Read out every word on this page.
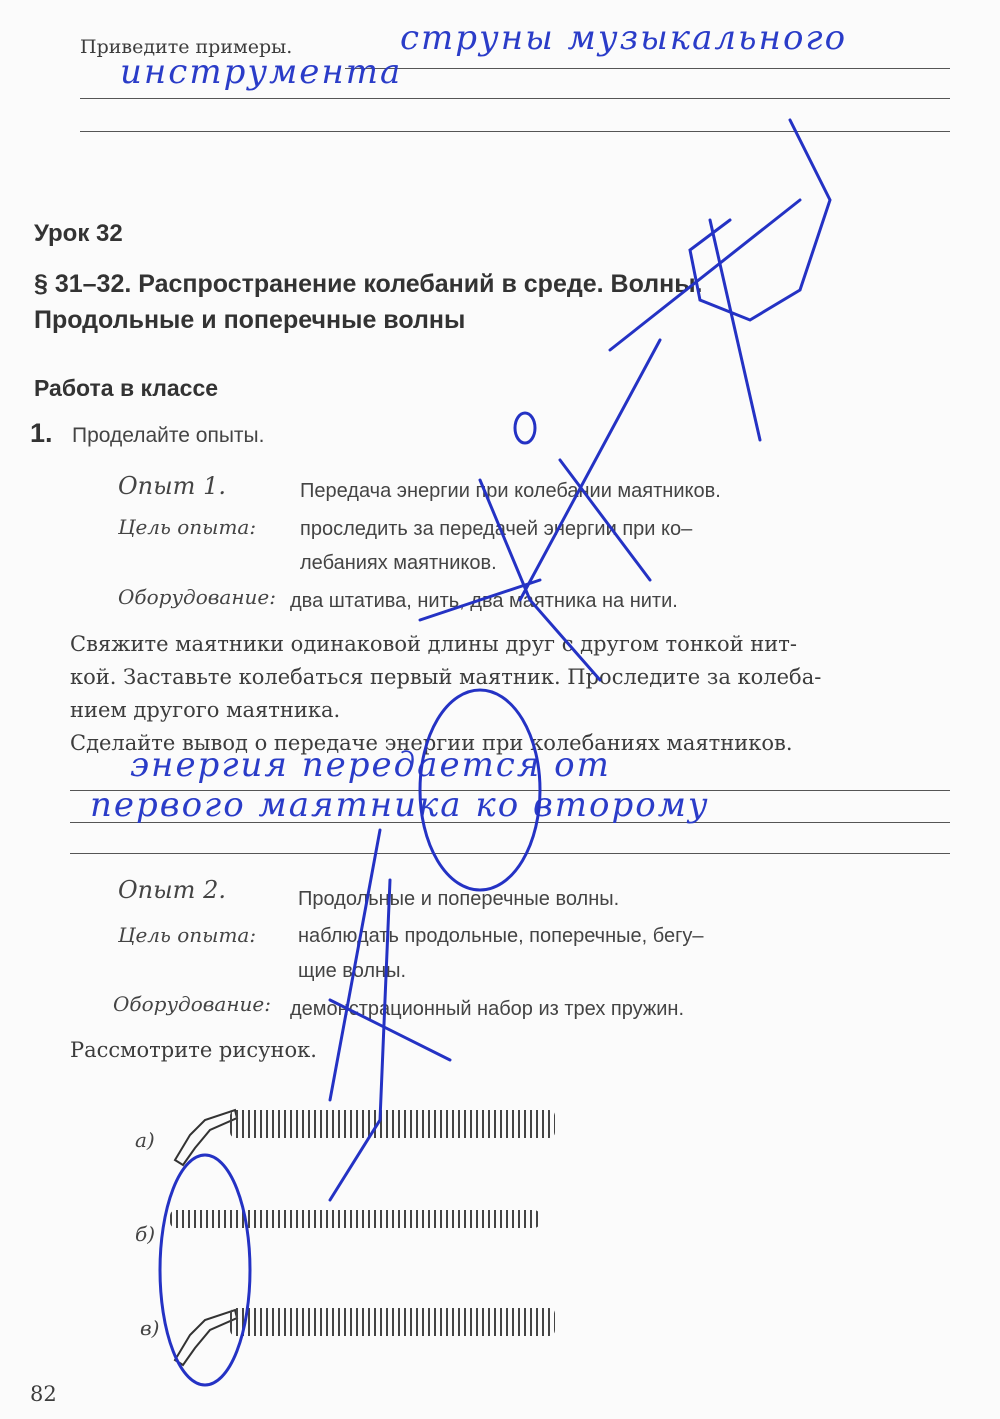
Приведите примеры.	струны музыкального
инструмента
Урок 32
§ 31–32. Распространение колебаний в среде. Волны.
Продольные и поперечные волны
Работа в классе
1. Проделайте опыты.
Опыт 1.	Передача энергии при колебании маятников.
Цель опыта: проследить за передачей энергии при ко–
лебаниях маятников.
Оборудование: два штатива, нить, два маятника на нити.
Свяжите маятники одинаковой длины друг с другом тонкой нит-
кой. Заставьте колебаться первый маятник. Проследите за колеба-
нием другого маятника.
Сделайте вывод о передаче энергии при колебаниях маятников.
энергия передается от
первого маятника ко второму
Опыт 2.	Продольные и поперечные волны.
Цель опыта: наблюдать продольные, поперечные, бегу–
щие волны.
Оборудование: демонстрационный набор из трех пружин.
Рассмотрите рисунок.
а)
б)
в)
82
